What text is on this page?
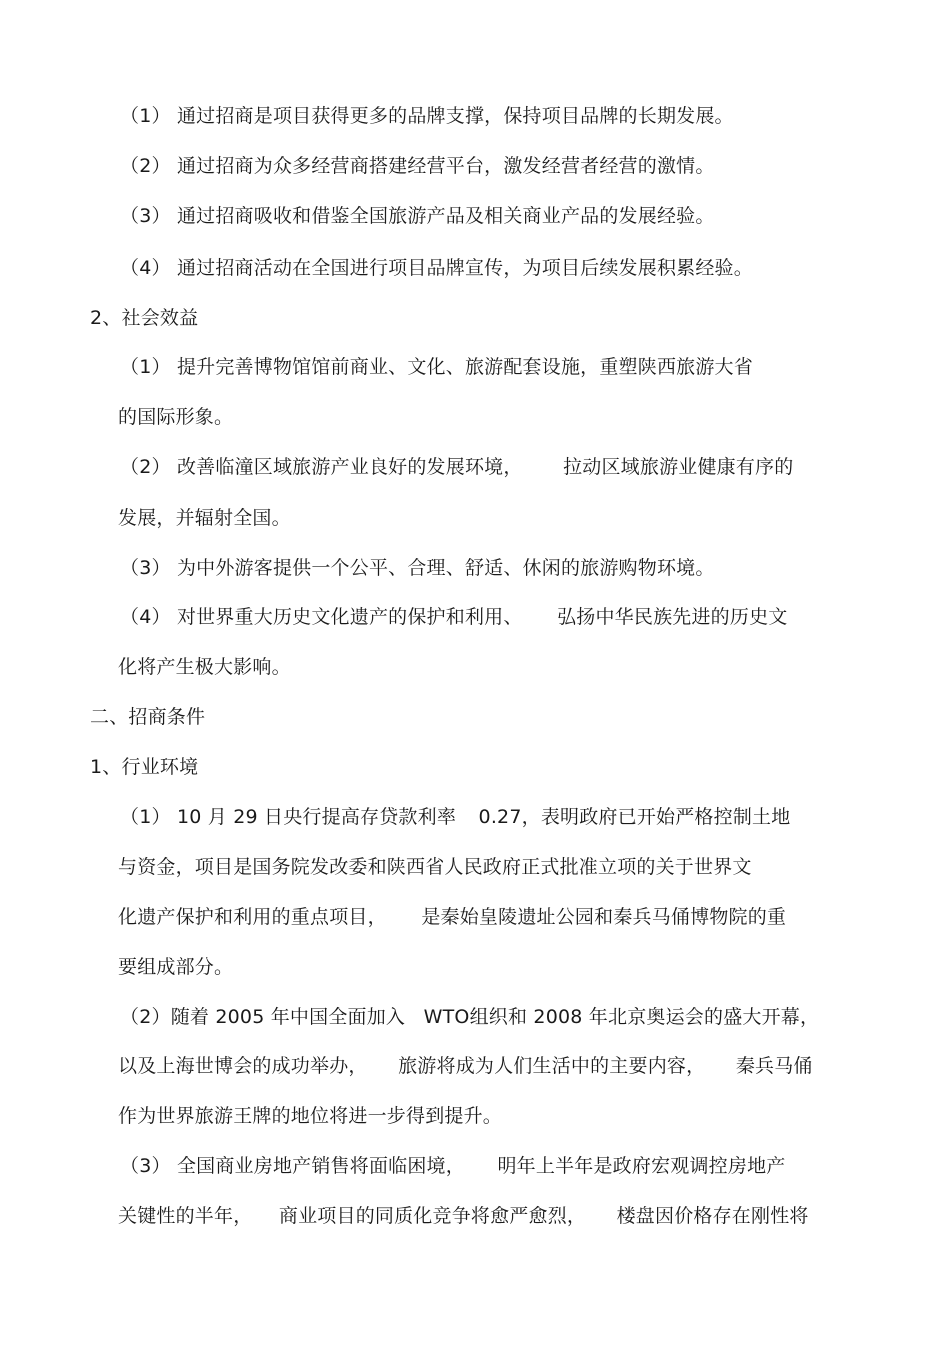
（1） 通过招商是项目获得更多的品牌支撑，保持项目品牌的长期发展。
（2） 通过招商为众多经营商搭建经营平台，激发经营者经营的激情。
（3） 通过招商吸收和借鉴全国旅游产品及相关商业产品的发展经验。
（4） 通过招商活动在全国进行项目品牌宣传，为项目后续发展积累经验。
2、社会效益
（1） 提升完善博物馆馆前商业、文化、旅游配套设施，重塑陕西旅游大省
的国际形象。
（2） 改善临潼区域旅游产业良好的发展环境， 拉动区域旅游业健康有序的
发展，并辐射全国。
（3） 为中外游客提供一个公平、合理、舒适、休闲的旅游购物环境。
（4） 对世界重大历史文化遗产的保护和利用、 弘扬中华民族先进的历史文
化将产生极大影响。
二、招商条件
1、行业环境
（1） 10 月 29 日央行提高存贷款利率 0.27，表明政府已开始严格控制土地
与资金，项目是国务院发改委和陕西省人民政府正式批准立项的关于世界文
化遗产保护和利用的重点项目， 是秦始皇陵遗址公园和秦兵马俑博物院的重
要组成部分。
（2）随着 2005 年中国全面加入 WTO组织和 2008 年北京奥运会的盛大开幕，
以及上海世博会的成功举办， 旅游将成为人们生活中的主要内容， 秦兵马俑
作为世界旅游王牌的地位将进一步得到提升。
（3） 全国商业房地产销售将面临困境， 明年上半年是政府宏观调控房地产
关键性的半年， 商业项目的同质化竞争将愈严愈烈， 楼盘因价格存在刚性将
